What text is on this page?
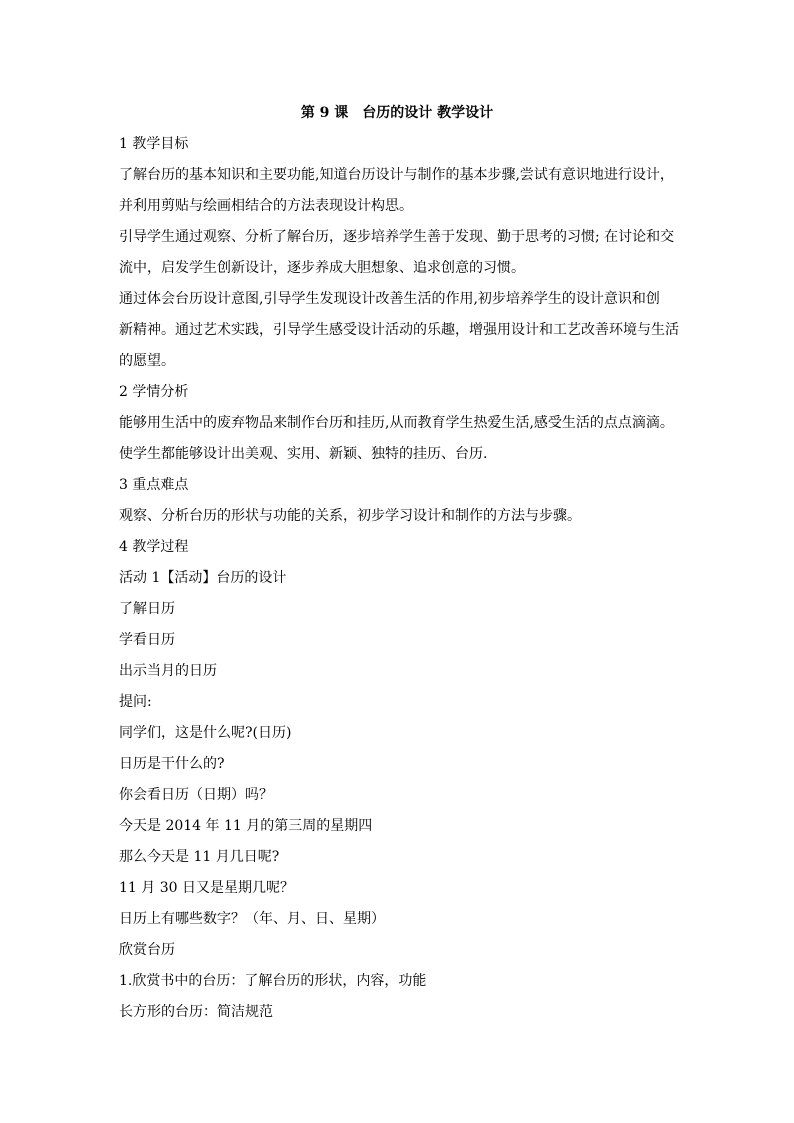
第 9 课　台历的设计 教学设计
1 教学目标
了解台历的基本知识和主要功能,知道台历设计与制作的基本步骤,尝试有意识地进行设计，
并利用剪贴与绘画相结合的方法表现设计构思。
引导学生通过观察、分析了解台历，逐步培养学生善于发现、勤于思考的习惯; 在讨论和交
流中，启发学生创新设计，逐步养成大胆想象、追求创意的习惯。
通过体会台历设计意图,引导学生发现设计改善生活的作用,初步培养学生的设计意识和创
新精神。通过艺术实践，引导学生感受设计活动的乐趣，增强用设计和工艺改善环境与生活
的愿望。
2 学情分析
能够用生活中的废弃物品来制作台历和挂历,从而教育学生热爱生活,感受生活的点点滴滴。
使学生都能够设计出美观、实用、新颖、独特的挂历、台历.
3 重点难点
观察、分析台历的形状与功能的关系，初步学习设计和制作的方法与步骤。
4 教学过程
活动 1【活动】台历的设计
了解日历
学看日历
出示当月的日历
提问:
同学们，这是什么呢?(日历)
日历是干什么的?
你会看日历（日期）吗？
今天是 2014 年 11 月的第三周的星期四
那么今天是 11 月几日呢?
11 月 30 日又是星期几呢？
日历上有哪些数字？（年、月、日、星期）
欣赏台历
1.欣赏书中的台历：了解台历的形状，内容，功能
长方形的台历：简洁规范
